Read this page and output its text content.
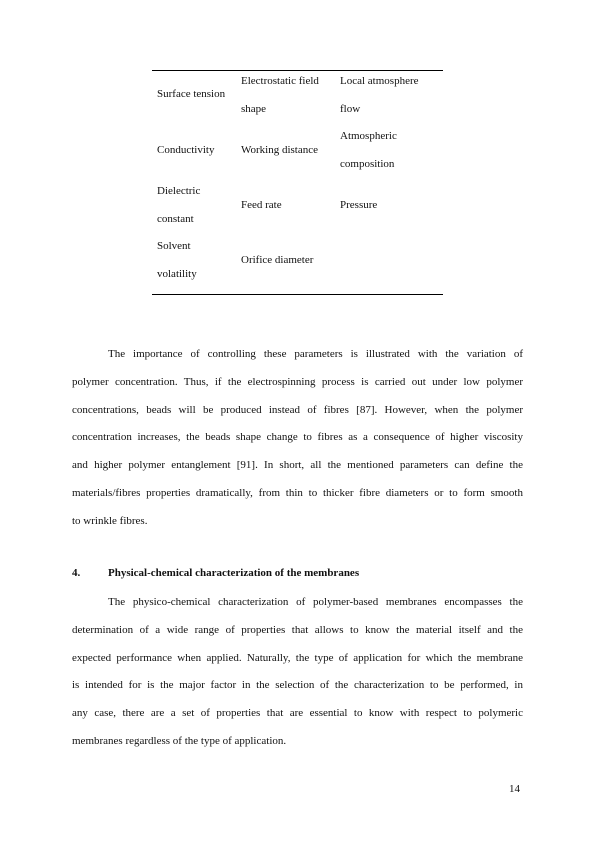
Surface tension
Electrostatic field
shape
Local atmosphere
flow
Conductivity Working distance
Atmospheric
composition
Dielectric
constant
Feed rate	Pressure
Solvent
volatility
Orifice diameter
The importance of controlling these parameters is illustrated with the variation of
polymer concentration. Thus, if the electrospinning process is carried out under low polymer
concentrations, beads will be produced instead of fibres [87]. However, when the polymer
concentration increases, the beads shape change to fibres as a consequence of higher viscosity
and higher polymer entanglement [91]. In short, all the mentioned parameters can define the
materials/fibres properties dramatically, from thin to thicker fibre diameters or to form smooth
to wrinkle fibres.
4.	Physical-chemical characterization of the membranes
The physico-chemical characterization of polymer-based membranes encompasses the
determination of a wide range of properties that allows to know the material itself and the
expected performance when applied. Naturally, the type of application for which the membrane
is intended for is the major factor in the selection of the characterization to be performed, in
any case, there are a set of properties that are essential to know with respect to polymeric
membranes regardless of the type of application.
14
